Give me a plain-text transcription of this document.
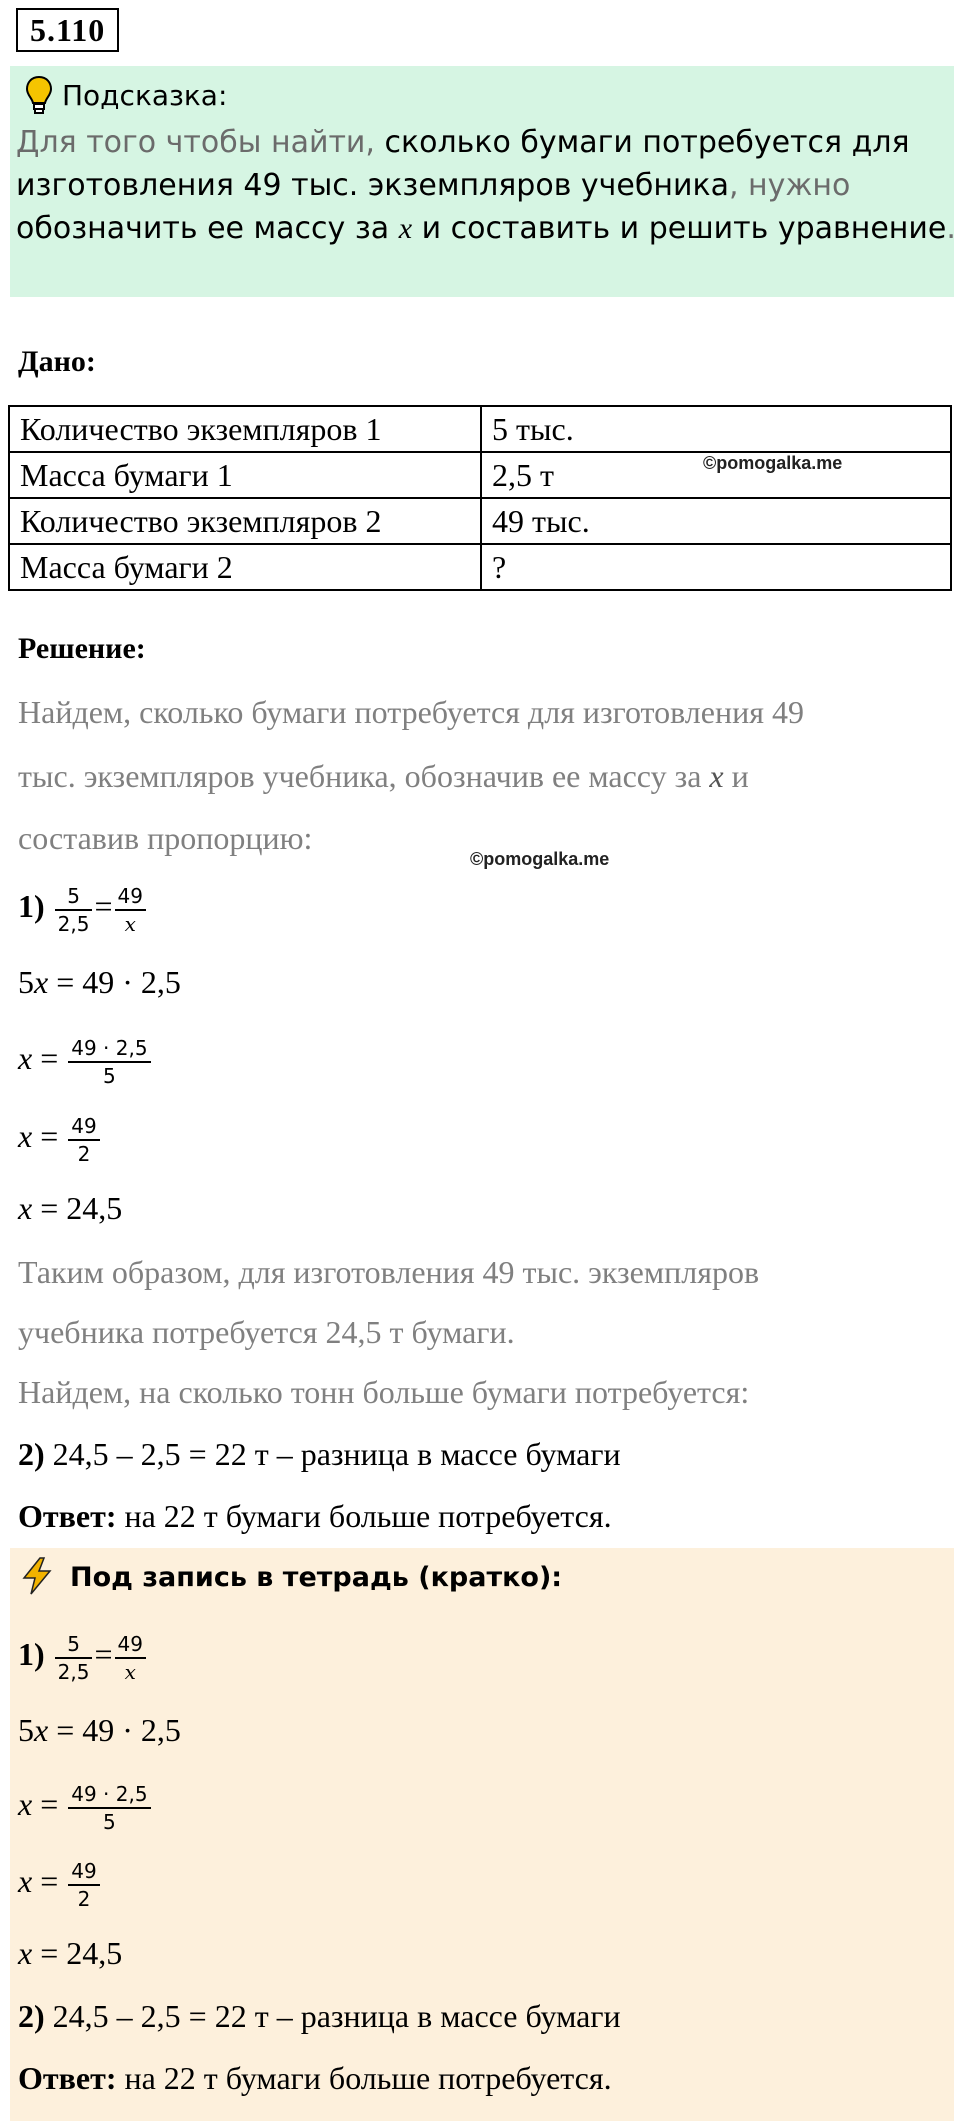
5.110
Подсказка:
Для того чтобы найти, сколько бумаги потребуется для
изготовления 49 тыс. экземпляров учебника, нужно
обозначить ее массу за x и составить и решить уравнение.
Дано:
Количество экземпляров 1	5 тыс.
Масса бумаги 1	2,5 т
Количество экземпляров 2	49 тыс.
Масса бумаги 2	?
©pomogalka.me
Решение:
Найдем, сколько бумаги потребуется для изготовления 49
тыс. экземпляров учебника, обозначив ее массу за x и
составив пропорцию:
©pomogalka.me
$1) \frac{5}{2,5} = \frac{49}{x}$
5x = 49 · 2,5
$x = \frac{49 \cdot 2,5}{5}$
$x = \frac{49}{2}$
x = 24,5
Таким образом, для изготовления 49 тыс. экземпляров
учебника потребуется 24,5 т бумаги.
Найдем, на сколько тонн больше бумаги потребуется:
2) 24,5 – 2,5 = 22 т – разница в массе бумаги
Ответ: на 22 т бумаги больше потребуется.
Под запись в тетрадь (кратко):
$1) \frac{5}{2,5} = \frac{49}{x}$
5x = 49 · 2,5
$x = \frac{49 \cdot 2,5}{5}$
$x = \frac{49}{2}$
x = 24,5
2) 24,5 – 2,5 = 22 т – разница в массе бумаги
Ответ: на 22 т бумаги больше потребуется.
